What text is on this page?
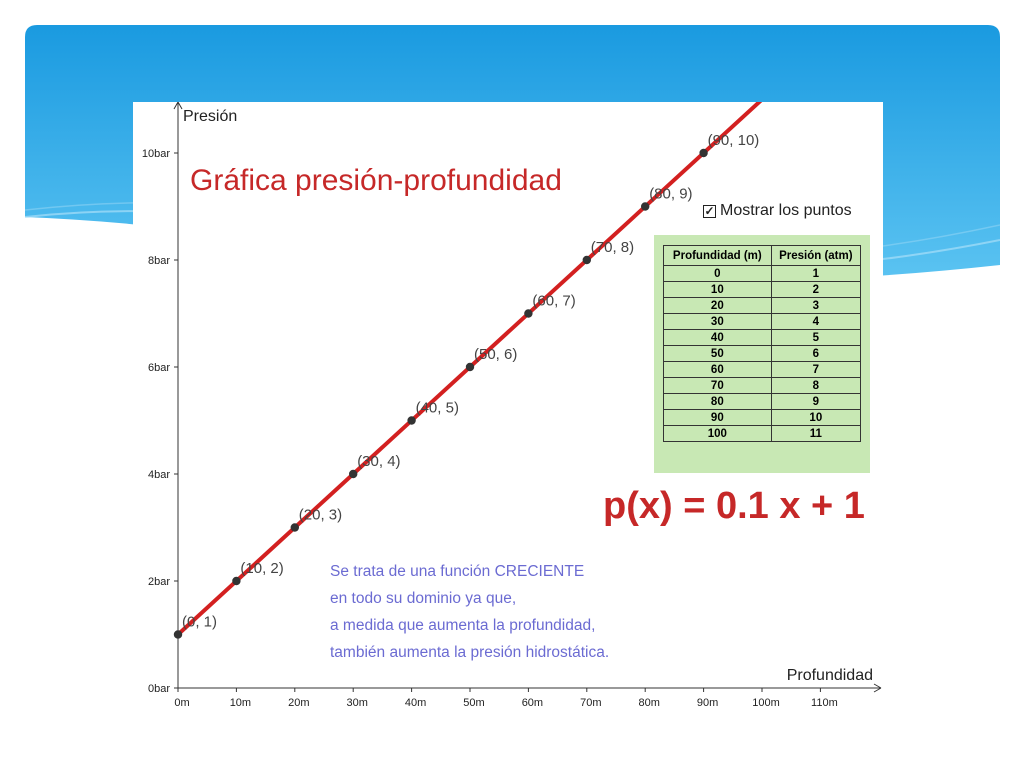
0m	10m	20m	30m	40m	50m	60m	70m	80m	90m	100m	110m
0bar
2bar
4bar
6bar
8bar
10bar
Profundidad
Presión
(0, 1)
(10, 2)
(20, 3)
(30, 4)
(40, 5)
(50, 6)
(60, 7)
(70, 8)
(80, 9)
(90, 10)
Gráfica presión-profundidad
✓ Mostrar los puntos
Profundidad (m)	Presión (atm)
0	1
10	2
20	3
30	4
40	5
50	6
60	7
70	8
80	9
90	10
100	11
p(x) = 0.1 x + 1
Se trata de una función CRECIENTE
en todo su dominio ya que,
a medida que aumenta la profundidad,
también aumenta la presión hidrostática.
